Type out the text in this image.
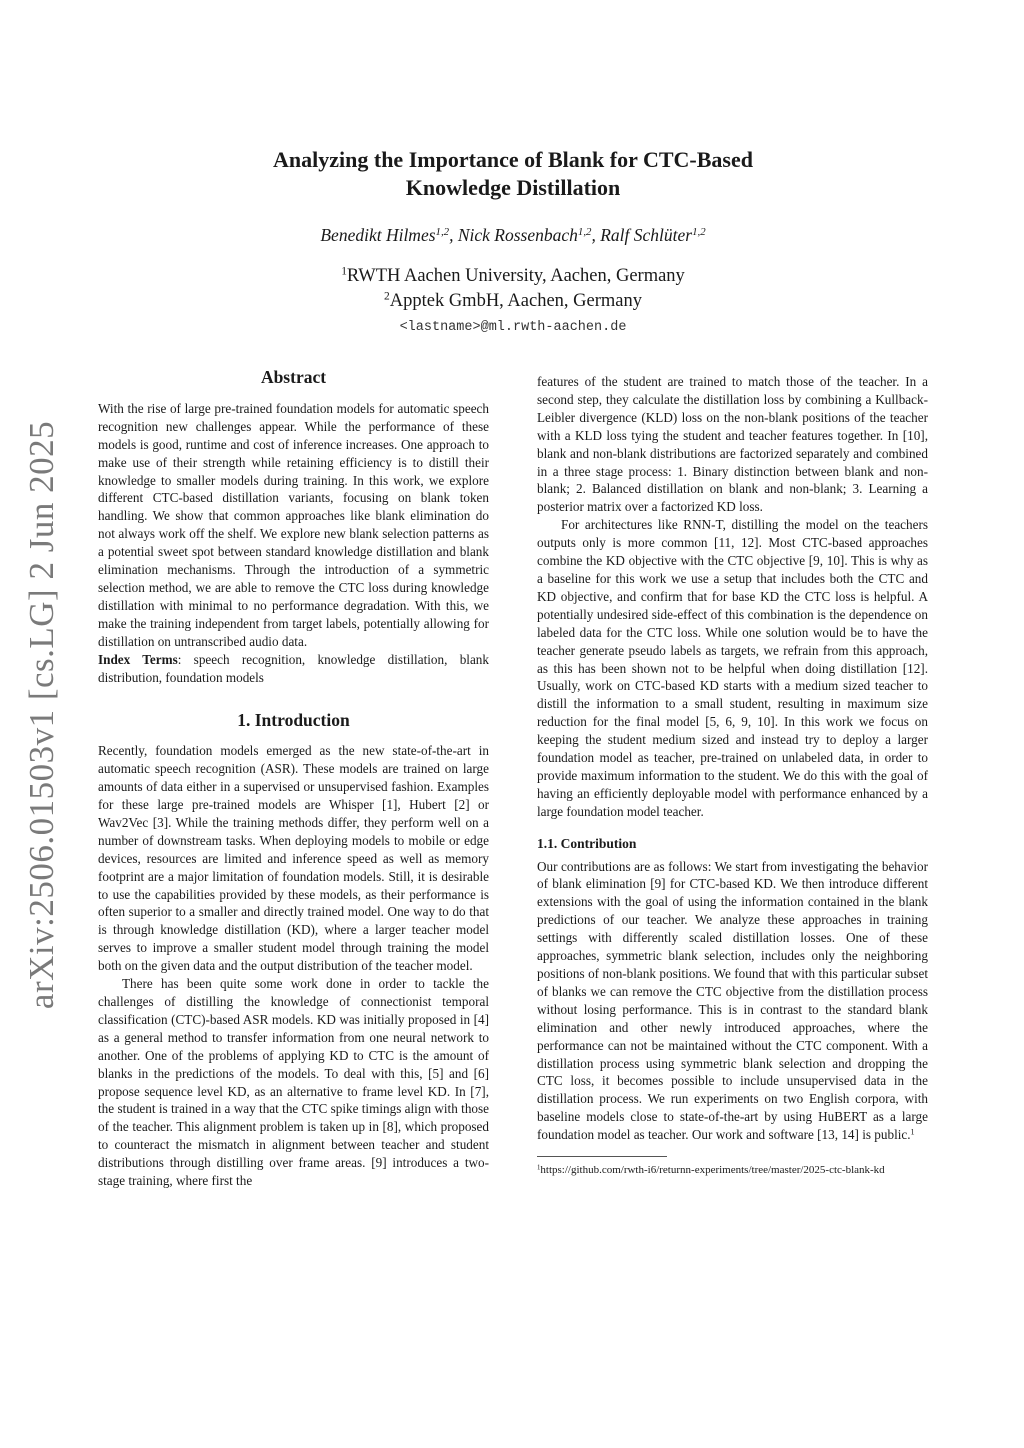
arXiv:2506.01503v1 [cs.LG] 2 Jun 2025
Analyzing the Importance of Blank for CTC-Based
Knowledge Distillation
Benedikt Hilmes$^{1,2}$, Nick Rossenbach$^{1,2}$, Ralf Schlüter$^{1,2}$
$^1$RWTH Aachen University, Aachen, Germany
$^2$Apptek GmbH, Aachen, Germany
<lastname>@ml.rwth-aachen.de
Abstract

With the rise of large pre-trained foundation models for automatic speech recognition new challenges appear. While the performance of these models is good, runtime and cost of inference increases. One approach to make use of their strength while retaining efficiency is to distill their knowledge to smaller models during training. In this work, we explore different CTC-based distillation variants, focusing on blank token handling. We show that common approaches like blank elimination do not always work off the shelf. We explore new blank selection patterns as a potential sweet spot between standard knowledge distillation and blank elimination mechanisms. Through the introduction of a symmetric selection method, we are able to remove the CTC loss during knowledge distillation with minimal to no performance degradation. With this, we make the training independent from target labels, potentially allowing for distillation on untranscribed audio data.

Index Terms: speech recognition, knowledge distillation, blank distribution, foundation models

1. Introduction

Recently, foundation models emerged as the new state-of-the-art in automatic speech recognition (ASR). These models are trained on large amounts of data either in a supervised or unsupervised fashion. Examples for these large pre-trained models are Whisper [1], Hubert [2] or Wav2Vec [3]. While the training methods differ, they perform well on a number of downstream tasks. When deploying models to mobile or edge devices, resources are limited and inference speed as well as memory footprint are a major limitation of foundation models. Still, it is desirable to use the capabilities provided by these models, as their performance is often superior to a smaller and directly trained model. One way to do that is through knowledge distillation (KD), where a larger teacher model serves to improve a smaller student model through training the model both on the given data and the output distribution of the teacher model.

There has been quite some work done in order to tackle the challenges of distilling the knowledge of connectionist temporal classification (CTC)-based ASR models. KD was initially proposed in [4] as a general method to transfer information from one neural network to another. One of the problems of applying KD to CTC is the amount of blanks in the predictions of the models. To deal with this, [5] and [6] propose sequence level KD, as an alternative to frame level KD. In [7], the student is trained in a way that the CTC spike timings align with those of the teacher. This alignment problem is taken up in [8], which proposed to counteract the mismatch in alignment between teacher and student distributions through distilling over frame areas. [9] introduces a two-stage training, where first the

features of the student are trained to match those of the teacher. In a second step, they calculate the distillation loss by combining a Kullback-Leibler divergence (KLD) loss on the non-blank positions of the teacher with a KLD loss tying the student and teacher features together. In [10], blank and non-blank distributions are factorized separately and combined in a three stage process: 1. Binary distinction between blank and non-blank; 2. Balanced distillation on blank and non-blank; 3. Learning a posterior matrix over a factorized KD loss.

For architectures like RNN-T, distilling the model on the teachers outputs only is more common [11, 12]. Most CTC-based approaches combine the KD objective with the CTC objective [9, 10]. This is why as a baseline for this work we use a setup that includes both the CTC and KD objective, and confirm that for base KD the CTC loss is helpful. A potentially undesired side-effect of this combination is the dependence on labeled data for the CTC loss. While one solution would be to have the teacher generate pseudo labels as targets, we refrain from this approach, as this has been shown not to be helpful when doing distillation [12]. Usually, work on CTC-based KD starts with a medium sized teacher to distill the information to a small student, resulting in maximum size reduction for the final model [5, 6, 9, 10]. In this work we focus on keeping the student medium sized and instead try to deploy a larger foundation model as teacher, pre-trained on unlabeled data, in order to provide maximum information to the student. We do this with the goal of having an efficiently deployable model with performance enhanced by a large foundation model teacher.

1.1. Contribution

Our contributions are as follows: We start from investigating the behavior of blank elimination [9] for CTC-based KD. We then introduce different extensions with the goal of using the information contained in the blank predictions of our teacher. We analyze these approaches in training settings with differently scaled distillation losses. One of these approaches, symmetric blank selection, includes only the neighboring positions of non-blank positions. We found that with this particular subset of blanks we can remove the CTC objective from the distillation process without losing performance. This is in contrast to the standard blank elimination and other newly introduced approaches, where the performance can not be maintained without the CTC component. With a distillation process using symmetric blank selection and dropping the CTC loss, it becomes possible to include unsupervised data in the distillation process. We run experiments on two English corpora, with baseline models close to state-of-the-art by using HuBERT as a large foundation model as teacher. Our work and software [13, 14] is public.$^1$

$^1$https://github.com/rwth-i6/returnn-experiments/tree/master/2025-ctc-blank-kd
